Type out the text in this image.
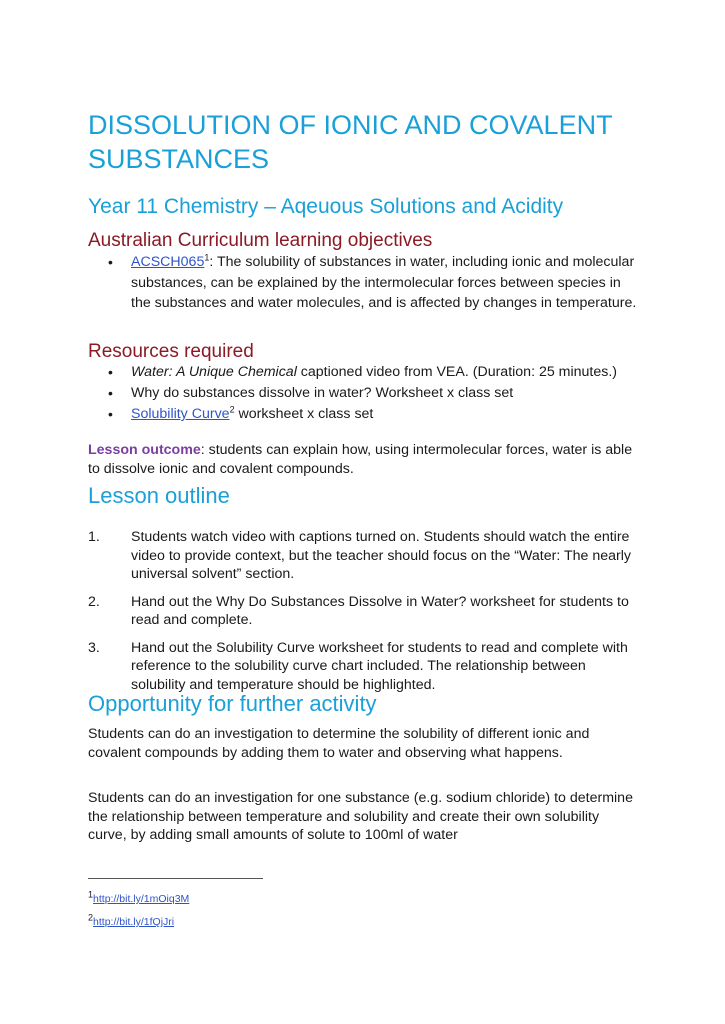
DISSOLUTION OF IONIC AND COVALENT SUBSTANCES
Year 11 Chemistry – Aqeuous Solutions and Acidity
Australian Curriculum learning objectives
• $ACSCH065^1$: The solubility of substances in water, including ionic and molecular substances, can be explained by the intermolecular forces between species in the substances and water molecules, and is affected by changes in temperature.
Resources required
• Water: A Unique Chemical captioned video from VEA. (Duration: 25 minutes.)
• Why do substances dissolve in water? Worksheet x class set
• Solubility Curve$^2$ worksheet x class set

Lesson outcome: students can explain how, using intermolecular forces, water is able to dissolve ionic and covalent compounds.

Lesson outline
1. Students watch video with captions turned on. Students should watch the entire video to provide context, but the teacher should focus on the “Water: The nearly universal solvent” section.
2. Hand out the Why Do Substances Dissolve in Water? worksheet for students to read and complete.
3. Hand out the Solubility Curve worksheet for students to read and complete with reference to the solubility curve chart included. The relationship between solubility and temperature should be highlighted.
Opportunity for further activity

Students can do an investigation to determine the solubility of different ionic and covalent compounds by adding them to water and observing what happens.

Students can do an investigation for one substance (e.g. sodium chloride) to determine the relationship between temperature and solubility and create their own solubility curve, by adding small amounts of solute to 100ml of water

$^1$http://bit.ly/1mOiq3M
$^2$http://bit.ly/1fQjJri
